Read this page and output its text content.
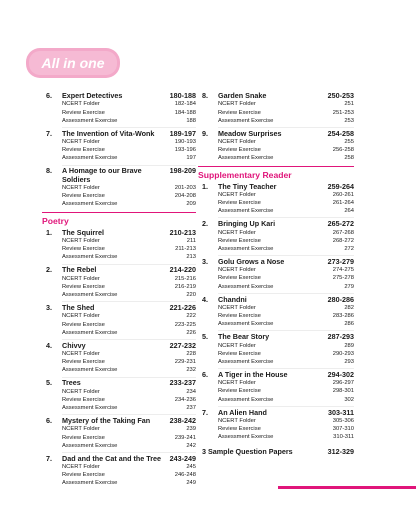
All in one
6.	Expert Detectives	180-188
NCERT Folder	182-184
Review Exercise	184-188
Assessment Exercise	188
7.	The Invention of Vita-Wonk	189-197
NCERT Folder	190-193
Review Exercise	193-196
Assessment Exercise	197
8.	A Homage to our Brave Soldiers
198-209
NCERT Folder	201-203
Review Exercise	204-208
Assessment Exercise	209
Poetry
1.	The Squirrel	210-213
NCERT Folder	211
Review Exercise	211-213
Assessment Exercise	213
2.	The Rebel	214-220
NCERT Folder	215-216
Review Exercise	216-219
Assessment Exercise	220
3.	The Shed	221-226
NCERT Folder	222
Review Exercise	223-225
Assessment Exercise	226
4.	Chivvy	227-232
NCERT Folder	228
Review Exercise	229-231
Assessment Exercise	232
5.	Trees	233-237
NCERT Folder	234
Review Exercise	234-236
Assessment Exercise	237
6.	Mystery of the Taking Fan	238-242
NCERT Folder	239
Review Exercise	239-241
Assessment Exercise	242
7.	Dad and the Cat and the Tree	243-249
NCERT Folder	245
Review Exercise	246-248
Assessment Exercise	249
8.	Garden Snake	250-253
NCERT Folder	251
Review Exercise	251-253
Assessment Exercise	253
9.	Meadow Surprises	254-258
NCERT Folder	255
Review Exercise	256-258
Assessment Exercise	258
Supplementary Reader
1.	The Tiny Teacher	259-264
NCERT Folder	260-261
Review Exercise	261-264
Assessment Exercise	264
2.	Bringing Up Kari	265-272
NCERT Folder	267-268
Review Exercise	268-272
Assessment Exercise	272
3.	Golu Grows a Nose	273-279
NCERT Folder	274-275
Review Exercise	275-278
Assessment Exercise	279
4.	Chandni	280-286
NCERT Folder	282
Review Exercise	283-286
Assessment Exercise	286
5.	The Bear Story	287-293
NCERT Folder	289
Review Exercise	290-293
Assessment Exercise	293
6.	A Tiger in the House	294-302
NCERT Folder	296-297
Review Exercise	298-301
Assessment Exercise	302
7.	An Alien Hand	303-311
NCERT Folder	305-306
Review Exercise	307-310
Assessment Exercise	310-311
3 Sample Question Papers	312-329
